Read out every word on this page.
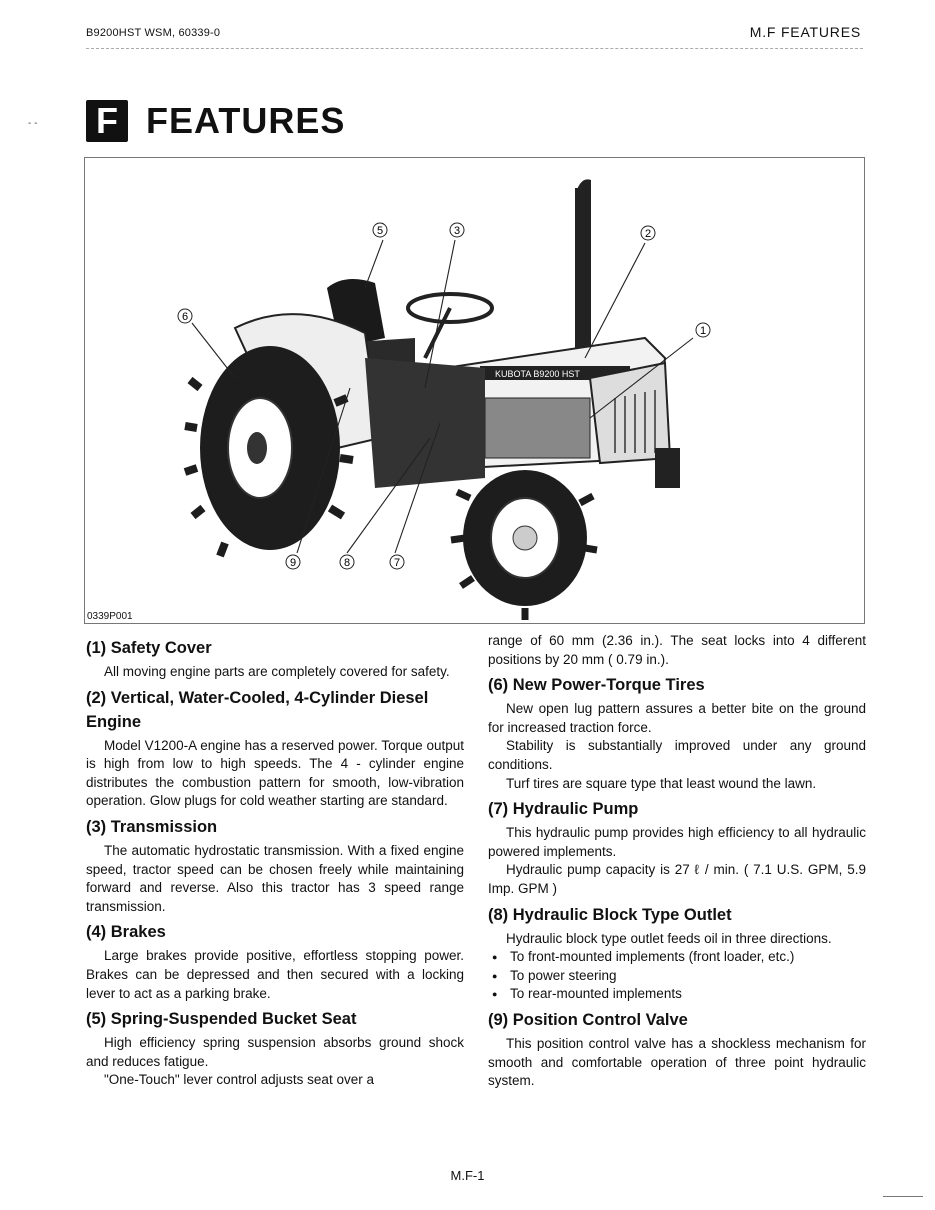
B9200HST WSM, 60339-0	M.F FEATURES
- - F FEATURES
KUBOTA B9200 HST
1
2
3
5
6
7
8
9
0339P001
(1) Safety Cover

All moving engine parts are completely covered for safety.

(2) Vertical, Water-Cooled, 4-Cylinder Diesel Engine

Model V1200-A engine has a reserved power. Torque output is high from low to high speeds. The 4 - cylinder engine distributes the combustion pattern for smooth, low-vibration operation. Glow plugs for cold weather starting are standard.

(3) Transmission

The automatic hydrostatic transmission. With a fixed engine speed, tractor speed can be chosen freely while maintaining forward and reverse. Also this tractor has 3 speed range transmission.

(4) Brakes

Large brakes provide positive, effortless stopping power. Brakes can be depressed and then secured with a locking lever to act as a parking brake.

(5) Spring-Suspended Bucket Seat

High efficiency spring suspension absorbs ground shock and reduces fatigue.

"One-Touch" lever control adjusts seat over a

range of 60 mm (2.36 in.). The seat locks into 4 different positions by 20 mm ( 0.79 in.).

(6) New Power-Torque Tires

New open lug pattern assures a better bite on the ground for increased traction force.

Stability is substantially improved under any ground conditions.

Turf tires are square type that least wound the lawn.

(7) Hydraulic Pump

This hydraulic pump provides high efficiency to all hydraulic powered implements.

Hydraulic pump capacity is 27 ℓ / min. ( 7.1 U.S. GPM, 5.9 Imp. GPM )

(8) Hydraulic Block Type Outlet

Hydraulic block type outlet feeds oil in three directions.

● To front-mounted implements (front loader, etc.)
● To power steering
● To rear-mounted implements
(9) Position Control Valve

This position control valve has a shockless mechanism for smooth and comfortable operation of three point hydraulic system.

M.F-1
